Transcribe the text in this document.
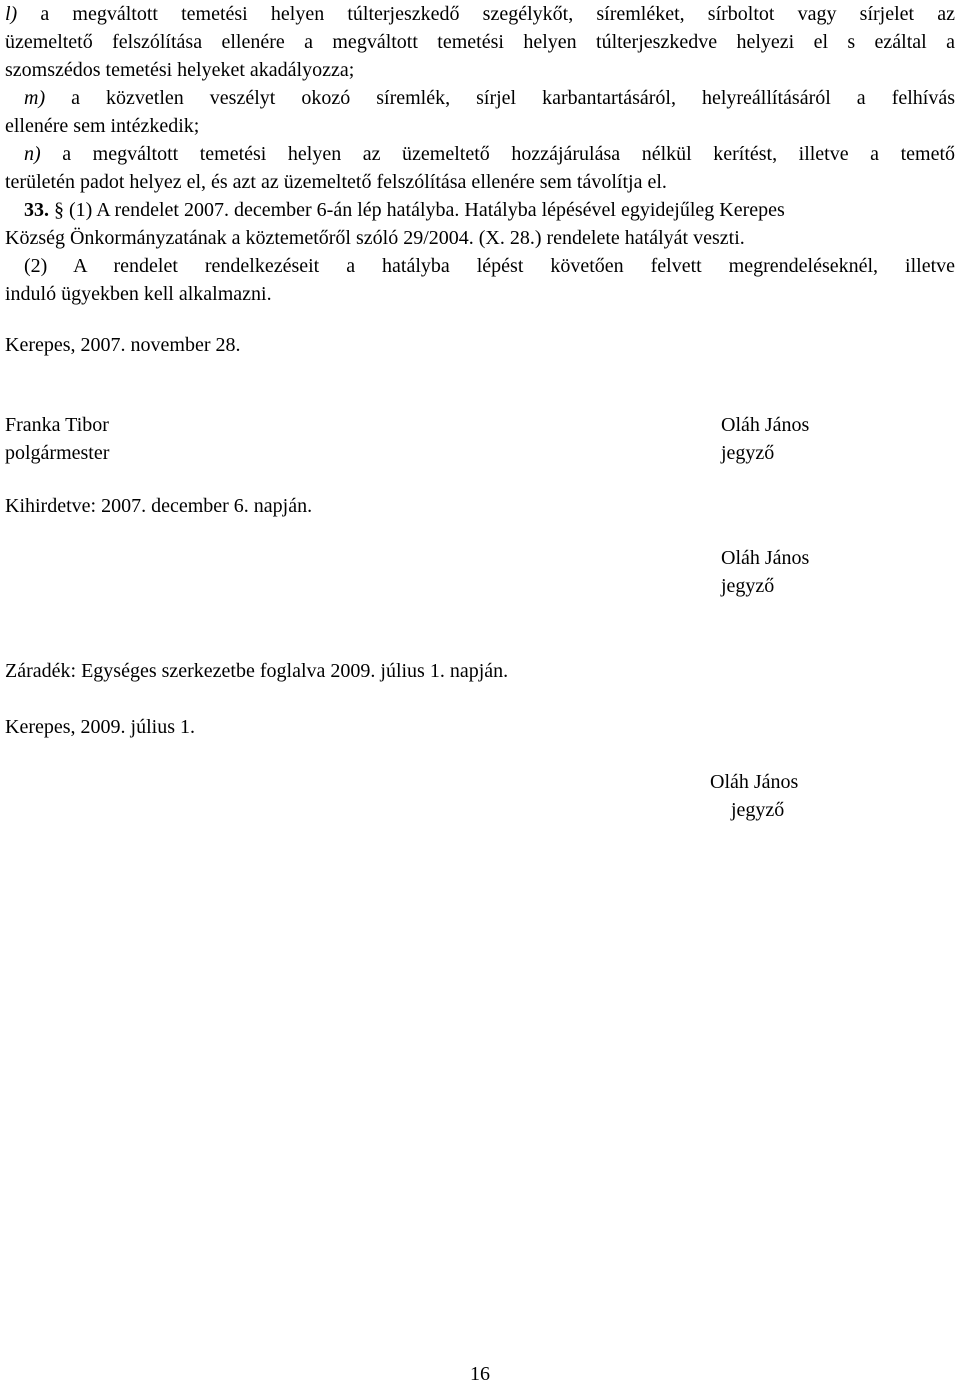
l) a megváltott temetési helyen túlterjeszkedő szegélykőt, síremléket, sírboltot vagy sírjelet az
üzemeltető felszólítása ellenére a megváltott temetési helyen túlterjeszkedve helyezi el s ezáltal a
szomszédos temetési helyeket akadályozza;
m) a közvetlen veszélyt okozó síremlék, sírjel karbantartásáról, helyreállításáról a felhívás
ellenére sem intézkedik;
n) a megváltott temetési helyen az üzemeltető hozzájárulása nélkül kerítést, illetve a temető
területén padot helyez el, és azt az üzemeltető felszólítása ellenére sem távolítja el.
33. § (1) A rendelet 2007. december 6-án lép hatályba. Hatályba lépésével egyidejűleg Kerepes
Község Önkormányzatának a köztemetőről szóló 29/2004. (X. 28.) rendelete hatályát veszti.
(2) A rendelet rendelkezéseit a hatályba lépést követően felvett megrendeléseknél, illetve
induló ügyekben kell alkalmazni.
Kerepes, 2007. november 28.
Franka Tibor
polgármester
Oláh János
jegyző
Kihirdetve: 2007. december 6. napján.
Oláh János
jegyző
Záradék: Egységes szerkezetbe foglalva 2009. július 1. napján.
Kerepes, 2009. július 1.
Oláh János
jegyző
16
